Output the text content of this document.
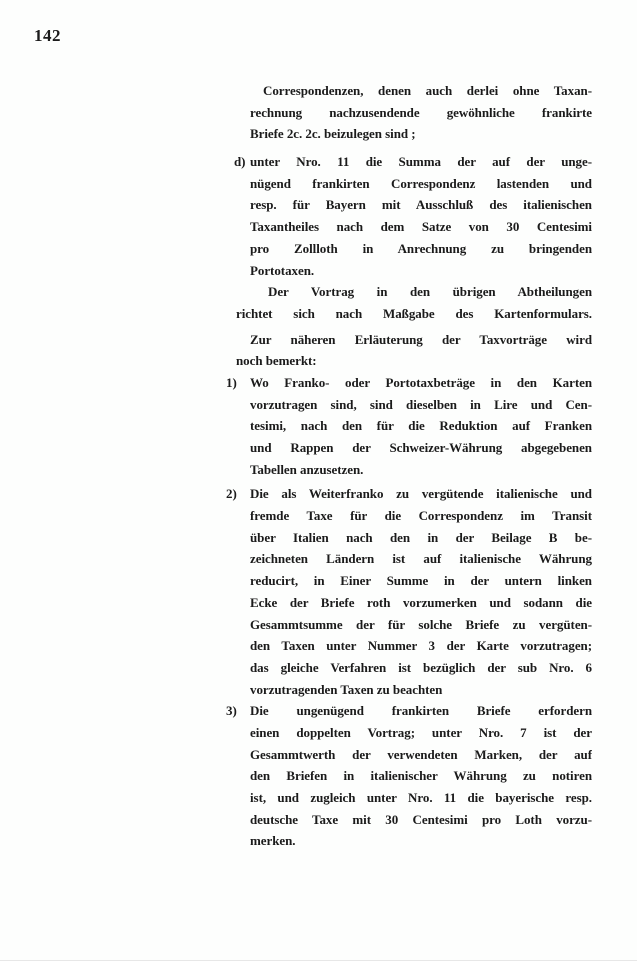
142
Correspondenzen, denen auch derlei ohne Taxan-
rechnung nachzusendende gewöhnliche frankirte
Briefe 2c. 2c. beizulegen sind ;
d) unter Nro. 11 die Summa der auf der unge-
nügend frankirten Correspondenz lastenden und
resp. für Bayern mit Ausschluß des italienischen
Taxantheiles nach dem Satze von 30 Centesimi
pro Zollloth in Anrechnung zu bringenden
Portotaxen.
Der Vortrag in den übrigen Abtheilungen
richtet sich nach Maßgabe des Kartenformulars.
Zur näheren Erläuterung der Taxvorträge wird
noch bemerkt:
1) Wo Franko- oder Portotaxbeträge in den Karten
vorzutragen sind, sind dieselben in Lire und Cen-
tesimi, nach den für die Reduktion auf Franken
und Rappen der Schweizer-Währung abgegebenen
Tabellen anzusetzen.
2) Die als Weiterfranko zu vergütende italienische und
fremde Taxe für die Correspondenz im Transit
über Italien nach den in der Beilage B be-
zeichneten Ländern ist auf italienische Währung
reducirt, in Einer Summe in der untern linken
Ecke der Briefe roth vorzumerken und sodann die
Gesammtsumme der für solche Briefe zu vergüten-
den Taxen unter Nummer 3 der Karte vorzutragen;
das gleiche Verfahren ist bezüglich der sub Nro. 6
vorzutragenden Taxen zu beachten
3) Die ungenügend frankirten Briefe erfordern
einen doppelten Vortrag; unter Nro. 7 ist der
Gesammtwerth der verwendeten Marken, der auf
den Briefen in italienischer Währung zu notiren
ist, und zugleich unter Nro. 11 die bayerische resp.
deutsche Taxe mit 30 Centesimi pro Loth vorzu-
merken.
